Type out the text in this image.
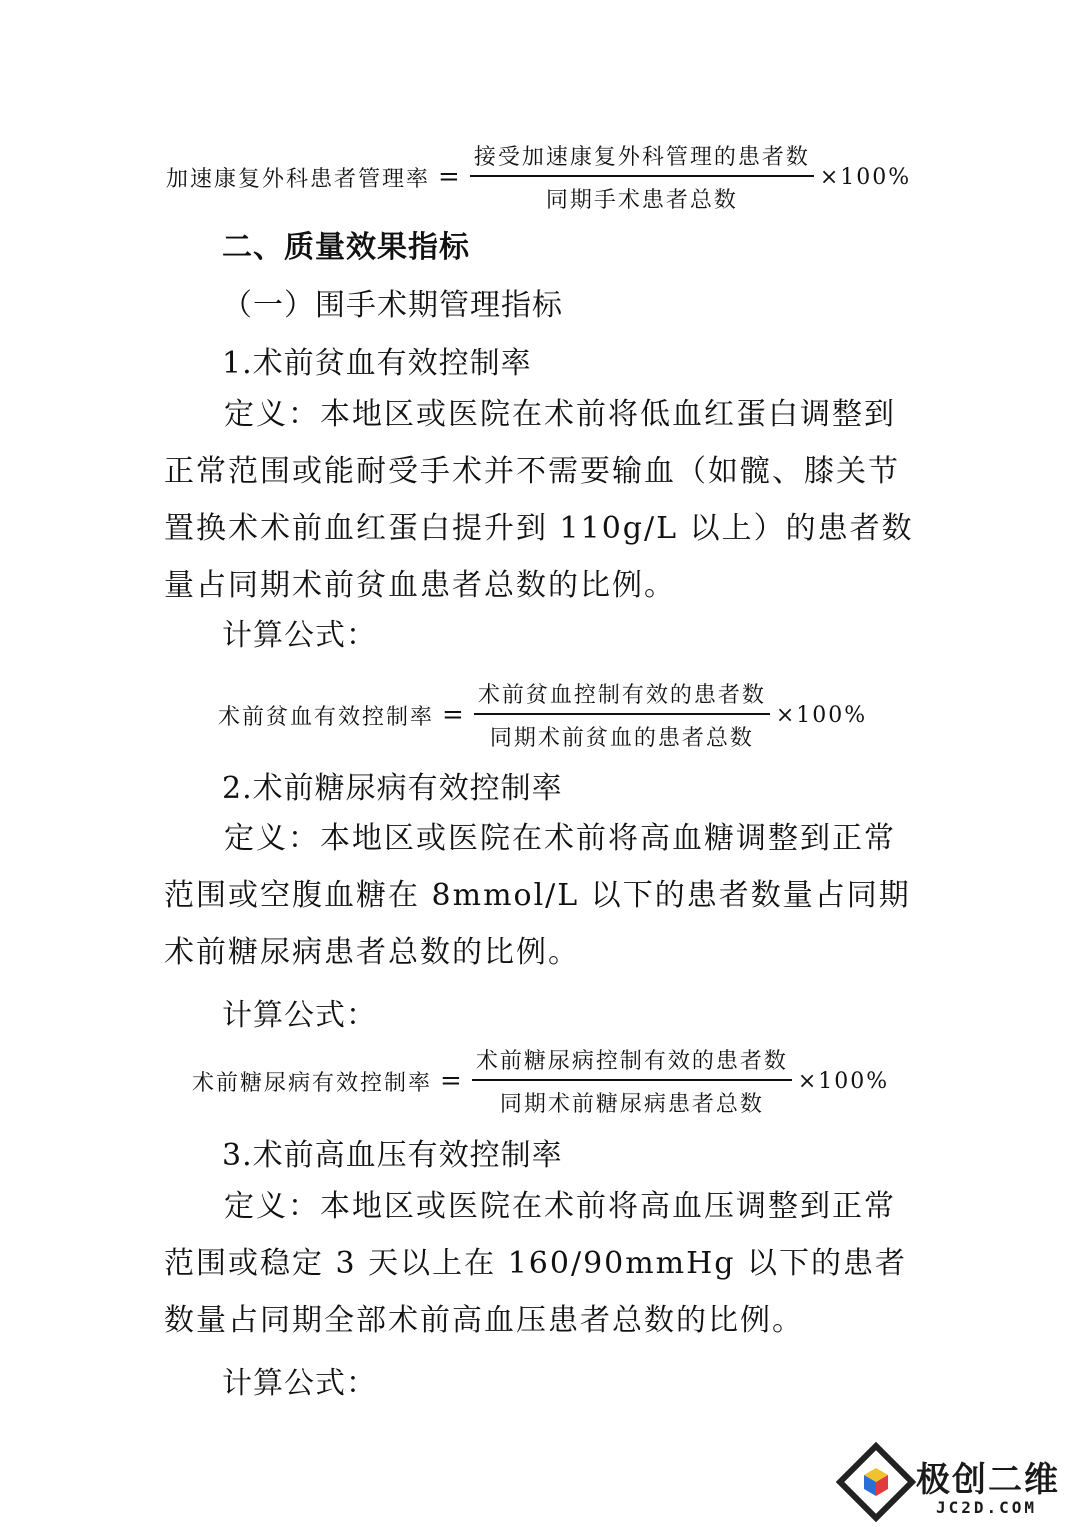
加速康复外科患者管理率 = $\frac{\text{接受加速康复外科管理的患者数}}{\text{同期手术患者总数}} \times 100\%$
二、质量效果指标
（一）围手术期管理指标
1.术前贫血有效控制率
定义：本地区或医院在术前将低血红蛋白调整到正常范围或能耐受手术并不需要输血（如髋、膝关节置换术术前血红蛋白提升到 110g/L 以上）的患者数量占同期术前贫血患者总数的比例。
计算公式：
术前贫血有效控制率 = $\frac{\text{术前贫血控制有效的患者数}}{\text{同期术前贫血的患者总数}} \times 100\%$
2.术前糖尿病有效控制率
定义：本地区或医院在术前将高血糖调整到正常范围或空腹血糖在 8mmol/L 以下的患者数量占同期术前糖尿病患者总数的比例。
计算公式：
术前糖尿病有效控制率 = $\frac{\text{术前糖尿病控制有效的患者数}}{\text{同期术前糖尿病患者总数}} \times 100\%$
3.术前高血压有效控制率
定义：本地区或医院在术前将高血压调整到正常范围或稳定 3 天以上在 160/90mmHg 以下的患者数量占同期全部术前高血压患者总数的比例。
计算公式：
极创二维
JC2D.COM
